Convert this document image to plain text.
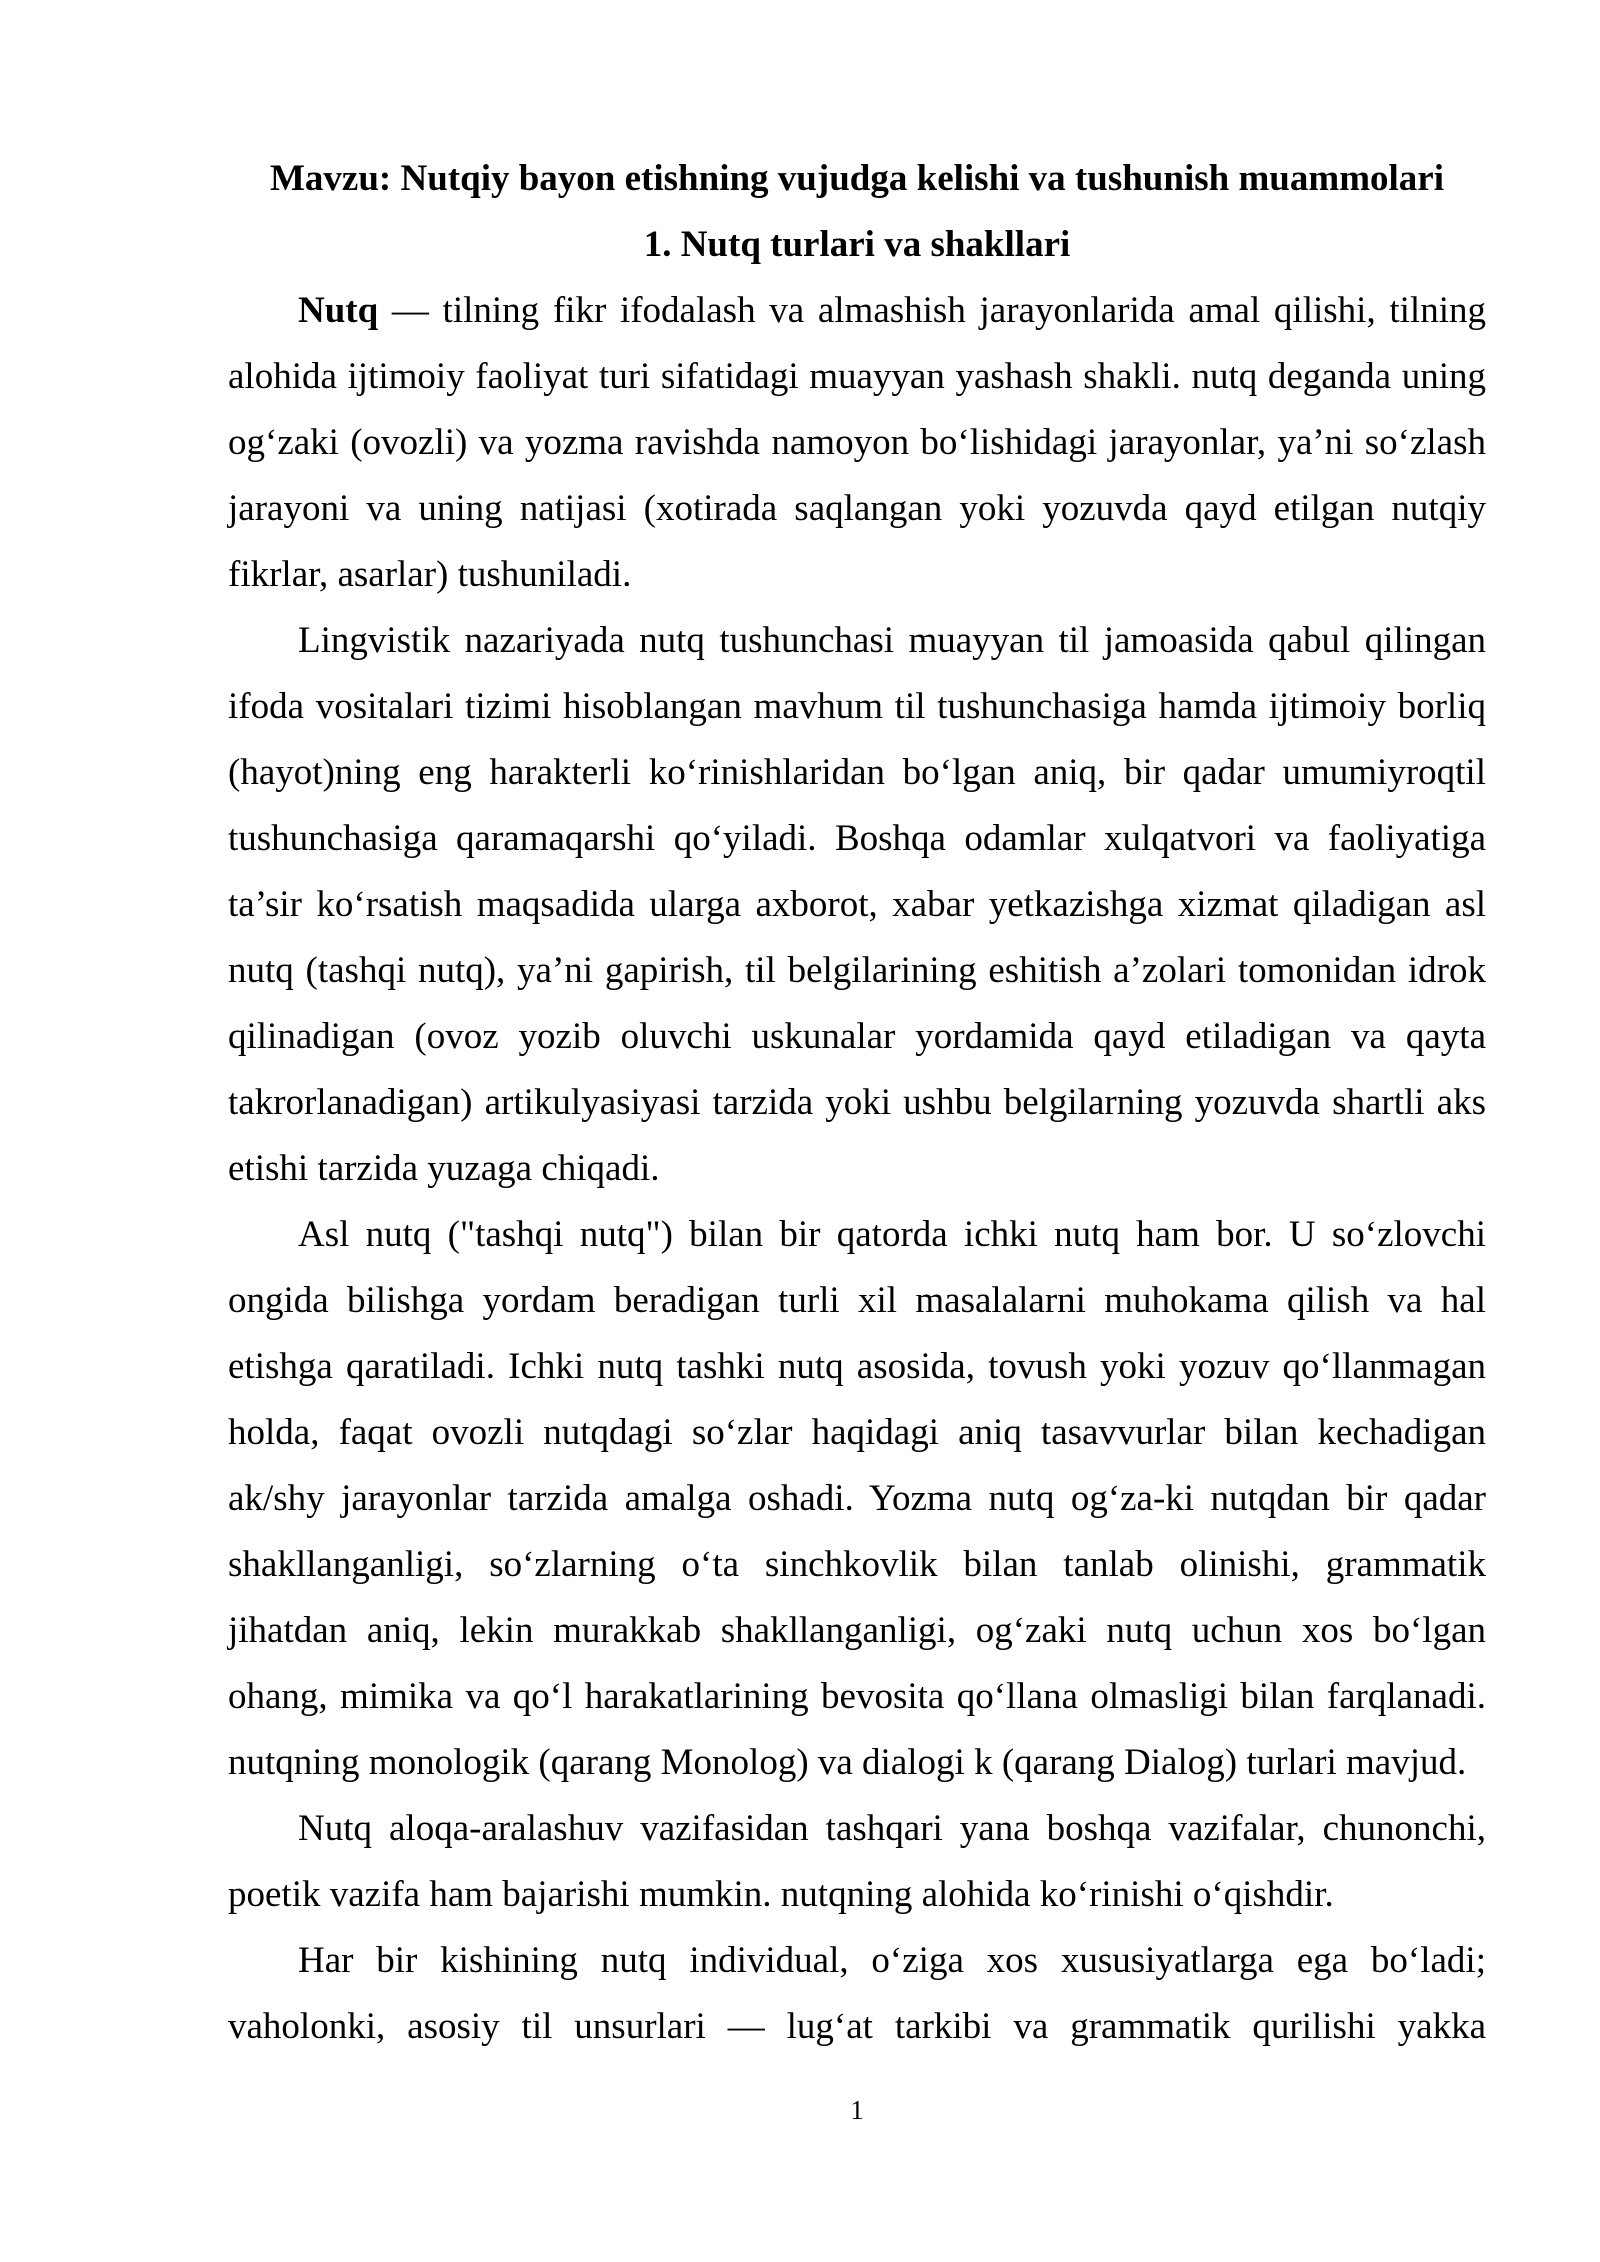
Mavzu: Nutqiy bayon etishning vujudga kelishi va tushunish muammolari
1. Nutq turlari va shakllari

Nutq — tilning fikr ifodalash va almashish jarayonlarida amal qilishi, tilning alohida ijtimoiy faoliyat turi sifatidagi muayyan yashash shakli. nutq deganda uning og‘zaki (ovozli) va yozma ravishda namoyon bo‘lishidagi jarayonlar, ya’ni so‘zlash jarayoni va uning natijasi (xotirada saqlangan yoki yozuvda qayd etilgan nutqiy fikrlar, asarlar) tushuniladi.

Lingvistik nazariyada nutq tushunchasi muayyan til jamoasida qabul qilingan ifoda vositalari tizimi hisoblangan mavhum til tushunchasiga hamda ijtimoiy borliq (hayot)ning eng harakterli ko‘rinishlaridan bo‘lgan aniq, bir qadar umumiyroqtil tushunchasiga qaramaqarshi qo‘yiladi. Boshqa odamlar xulqatvori va faoliyatiga ta’sir ko‘rsatish maqsadida ularga axborot, xabar yetkazishga xizmat qiladigan asl nutq (tashqi nutq), ya’ni gapirish, til belgilarining eshitish a’zolari tomonidan idrok qilinadigan (ovoz yozib oluvchi uskunalar yordamida qayd etiladigan va qayta takrorlanadigan) artikulyasiyasi tarzida yoki ushbu belgilarning yozuvda shartli aks etishi tarzida yuzaga chiqadi.

Asl nutq ("tashqi nutq") bilan bir qatorda ichki nutq ham bor. U so‘zlovchi ongida bilishga yordam beradigan turli xil masalalarni muhokama qilish va hal etishga qaratiladi. Ichki nutq tashki nutq asosida, tovush yoki yozuv qo‘llanmagan holda, faqat ovozli nutqdagi so‘zlar haqidagi aniq tasavvurlar bilan kechadigan ak/shy jarayonlar tarzida amalga oshadi. Yozma nutq og‘za-ki nutqdan bir qadar shakllanganligi, so‘zlarning o‘ta sinchkovlik bilan tanlab olinishi, grammatik jihatdan aniq, lekin murakkab shakllanganligi, og‘zaki nutq uchun xos bo‘lgan ohang, mimika va qo‘l harakatlarining bevosita qo‘llana olmasligi bilan farqlanadi. nutqning monologik (qarang Monolog) va dialogi k (qarang Dialog) turlari mavjud.

Nutq aloqa-aralashuv vazifasidan tashqari yana boshqa vazifalar, chunonchi, poetik vazifa ham bajarishi mumkin. nutqning alohida ko‘rinishi o‘qishdir.

Har bir kishining nutq individual, o‘ziga xos xususiyatlarga ega bo‘ladi; vaholonki, asosiy til unsurlari — lug‘at tarkibi va grammatik qurilishi yakka

1
